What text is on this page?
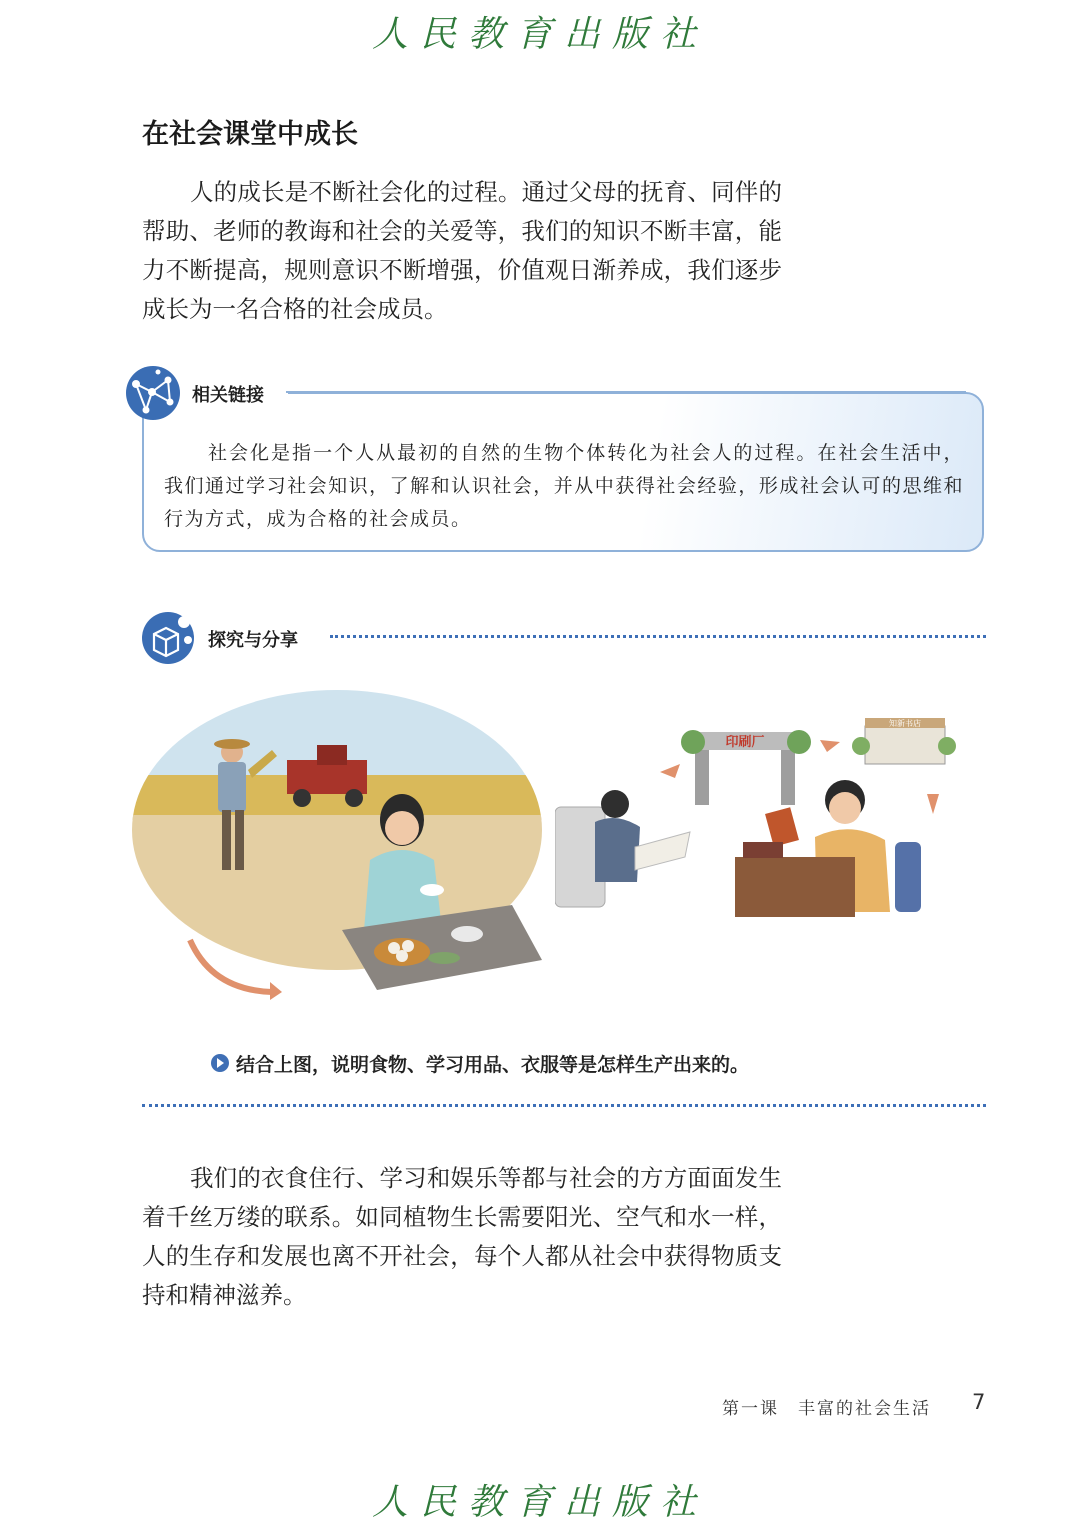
人民教育出版社
在社会课堂中成长

人的成长是不断社会化的过程。通过父母的抚育、同伴的帮助、老师的教诲和社会的关爱等，我们的知识不断丰富，能力不断提高，规则意识不断增强，价值观日渐养成，我们逐步成长为一名合格的社会成员。

相关链接

社会化是指一个人从最初的自然的生物个体转化为社会人的过程。在社会生活中，我们通过学习社会知识，了解和认识社会，并从中获得社会经验，形成社会认可的思维和行为方式，成为合格的社会成员。

探究与分享
印刷厂
知新书店
结合上图，说明食物、学习用品、衣服等是怎样生产出来的。

我们的衣食住行、学习和娱乐等都与社会的方方面面发生着千丝万缕的联系。如同植物生长需要阳光、空气和水一样，人的生存和发展也离不开社会，每个人都从社会中获得物质支持和精神滋养。

第一课　丰富的社会生活 7
人民教育出版社
